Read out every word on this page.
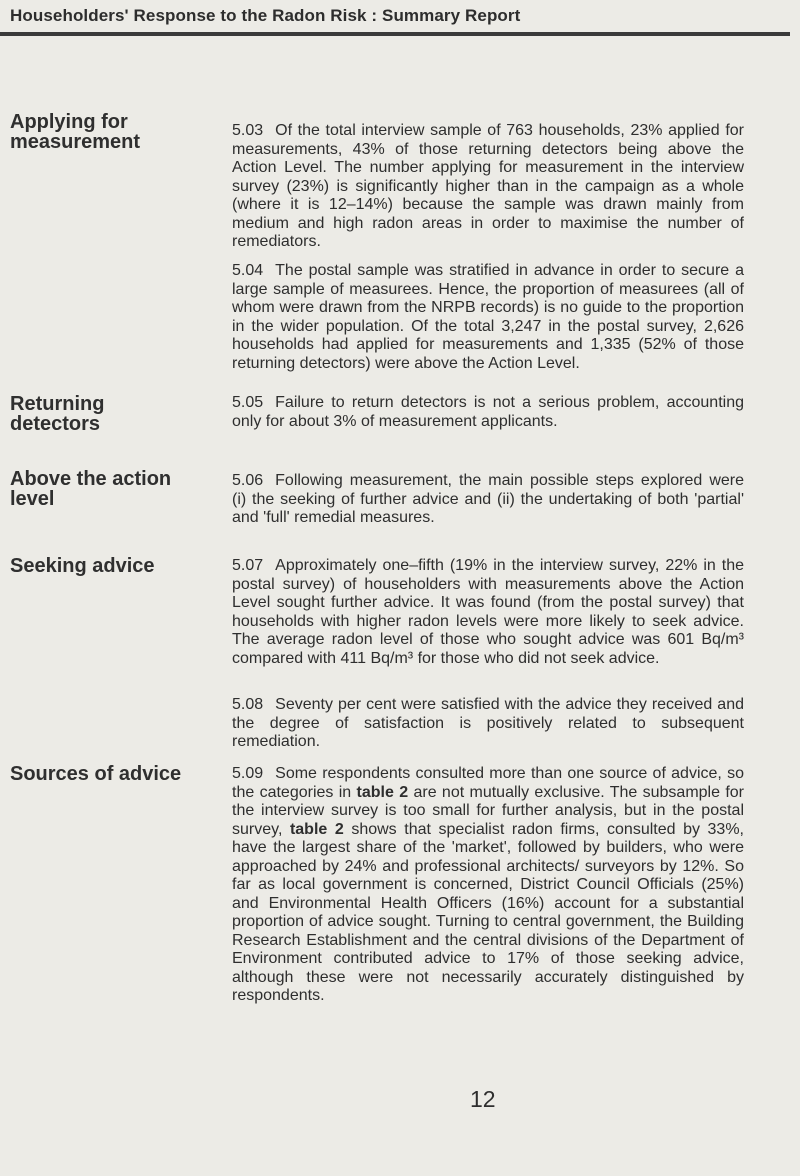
Householders' Response to the Radon Risk : Summary Report
Applying for
measurement
Returning
detectors
Above the action
level
Seeking advice
Sources of advice
5.03 Of the total interview sample of 763 households, 23% applied for measurements, 43% of those returning detectors being above the Action Level. The number applying for measurement in the interview survey (23%) is significantly higher than in the campaign as a whole (where it is 12–14%) because the sample was drawn mainly from medium and high radon areas in order to maximise the number of remediators.
5.04 The postal sample was stratified in advance in order to secure a large sample of measurees. Hence, the proportion of measurees (all of whom were drawn from the NRPB records) is no guide to the proportion in the wider population. Of the total 3,247 in the postal survey, 2,626 households had applied for measurements and 1,335 (52% of those returning detectors) were above the Action Level.
5.05 Failure to return detectors is not a serious problem, accounting only for about 3% of measurement applicants.
5.06 Following measurement, the main possible steps explored were (i) the seeking of further advice and (ii) the undertaking of both 'partial' and 'full' remedial measures.
5.07 Approximately one–fifth (19% in the interview survey, 22% in the postal survey) of householders with measurements above the Action Level sought further advice. It was found (from the postal survey) that households with higher radon levels were more likely to seek advice. The average radon level of those who sought advice was 601 Bq/m³ compared with 411 Bq/m³ for those who did not seek advice.
5.08 Seventy per cent were satisfied with the advice they received and the degree of satisfaction is positively related to subsequent remediation.
5.09 Some respondents consulted more than one source of advice, so the categories in table 2 are not mutually exclusive. The subsample for the interview survey is too small for further analysis, but in the postal survey, table 2 shows that specialist radon firms, consulted by 33%, have the largest share of the 'market', followed by builders, who were approached by 24% and professional architects/ surveyors by 12%. So far as local government is concerned, District Council Officials (25%) and Environmental Health Officers (16%) account for a substantial proportion of advice sought. Turning to central government, the Building Research Establishment and the central divisions of the Department of Environment contributed advice to 17% of those seeking advice, although these were not necessarily accurately distinguished by respondents.
12
